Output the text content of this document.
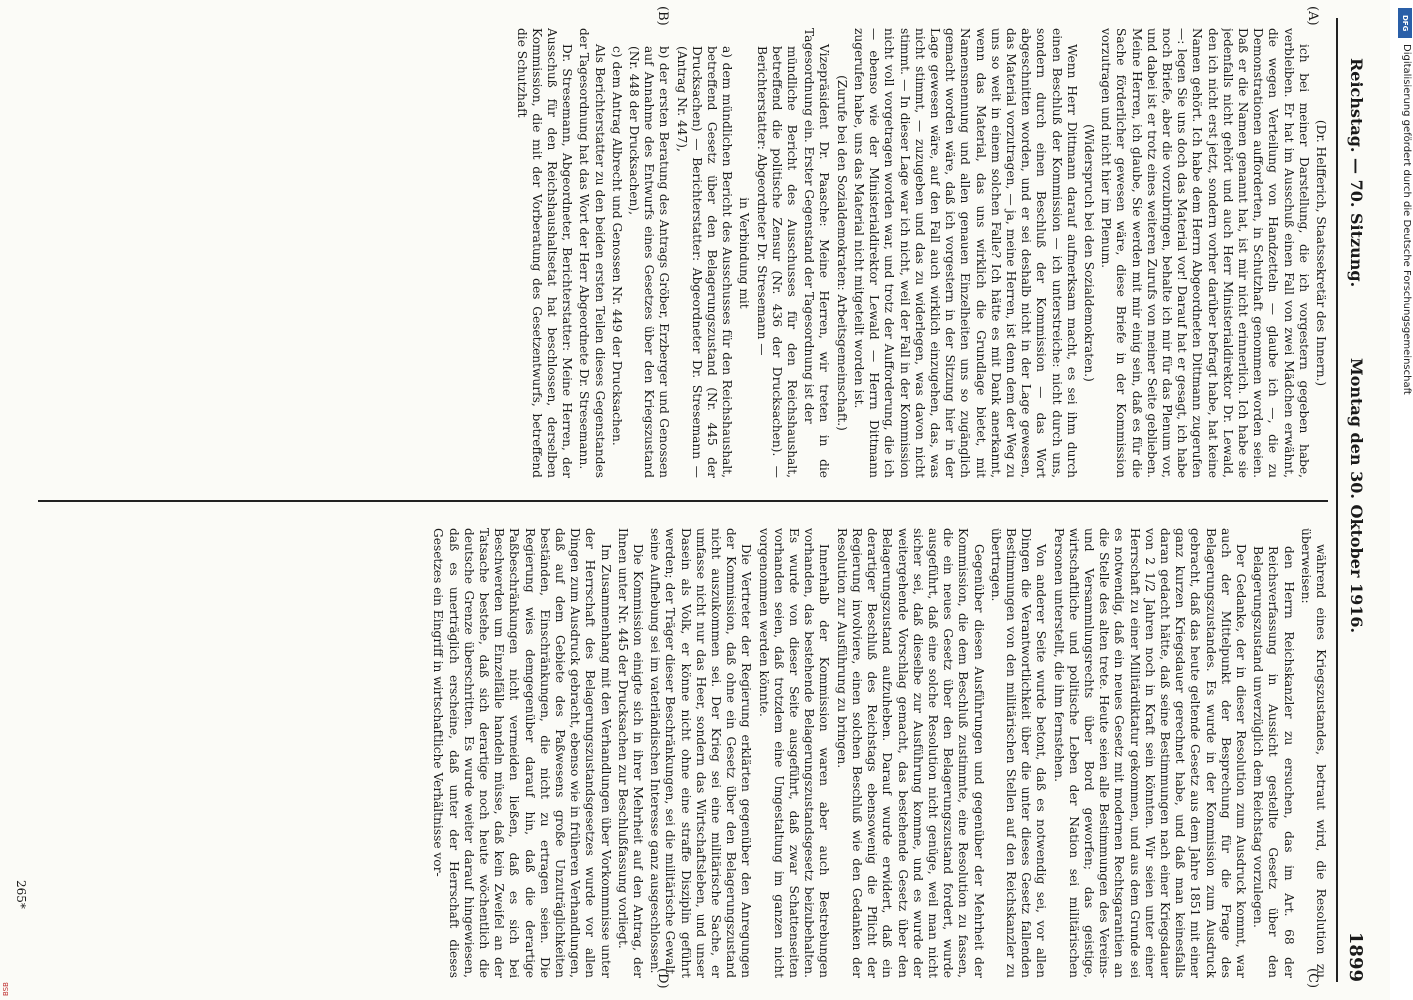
Reichstag. — 70. Sitzung.
Montag den 30. Oktober 1916.
1899
(A)
(B)
(C)
(D)

(Dr. Helfferich, Staatssekretär des Innern.)

ich bei meiner Darstellung, die ich vorgestern gegeben habe, verbleiben. Er hat im Ausschuß einen Fall von zwei Mädchen erwähnt, die wegen Verteilung von Handzetteln — glaube ich —, die zu Demonstrationen aufforderten, in Schutzhaft genommen worden seien. Daß er die Namen genannt hat, ist mir nicht erinnerlich. Ich habe sie jedenfalls nicht gehört und auch Herr Ministerialdirektor Dr. Lewald, den ich nicht erst jetzt, sondern vorher darüber befragt habe, hat keine Namen gehört. Ich habe dem Herrn Abgeordneten Dittmann zugerufen —: legen Sie uns doch das Material vor! Darauf hat er gesagt, ich habe noch Briefe, aber die vorzubringen, behalte ich mir für das Plenum vor, und dabei ist er trotz eines weiteren Zurufs von meiner Seite geblieben. Meine Herren, ich glaube, Sie werden mit mir einig sein, daß es für die Sache förderlicher gewesen wäre, diese Briefe in der Kommission vorzutragen und nicht hier im Plenum.

(Widerspruch bei den Sozialdemokraten.)

Wenn Herr Dittmann darauf aufmerksam macht, es sei ihm durch einen Beschluß der Kommission — ich unterstreiche: nicht durch uns, sondern durch einen Beschluß der Kommission — das Wort abgeschnitten worden, und er sei deshalb nicht in der Lage gewesen, das Material vorzutragen, — ja, meine Herren, ist denn dem der Weg zu uns so weit in einem solchen Falle? Ich hätte es mit Dank anerkannt, wenn das Material, das uns wirklich die Grundlage bietet, mit Namensnennung und allen genauen Einzelheiten uns so zugänglich gemacht worden wäre, daß ich vorgestern in der Sitzung hier in der Lage gewesen wäre, auf den Fall auch wirklich einzugehen, das, was nicht stimmt, — zuzugeben und das zu widerlegen, was davon nicht stimmt. — In dieser Lage war ich nicht, weil der Fall in der Kommission nicht voll vorgetragen worden war, und trotz der Aufforderung, die ich — ebenso wie der Ministerialdirektor Lewald — Herrn Dittmann zugerufen habe, uns das Material nicht mitgeteilt worden ist.

(Zurufe bei den Sozialdemokraten: Arbeitsgemeinschaft.)

Vizepräsident Dr. Paasche: Meine Herren, wir treten in die Tagesordnung ein. Erster Gegenstand der Tagesordnung ist der

mündliche Bericht des Ausschusses für den Reichshaushalt, betreffend die politische Zensur (Nr. 436 der Drucksachen). — Berichterstatter: Abgeordneter Dr. Stresemann —

in Verbindung mit

a) dem mündlichen Bericht des Ausschusses für den Reichshaushalt, betreffend Gesetz über den Belagerungszustand (Nr. 445 der Drucksachen) — Berichterstatter: Abgeordneter Dr. Stresemann — (Antrag Nr. 447),

b) der ersten Beratung des Antrags Gröber, Erzberger und Genossen auf Annahme des Entwurfs eines Gesetzes über den Kriegszustand (Nr. 448 der Drucksachen),

c) dem Antrag Albrecht und Genossen Nr. 449 der Drucksachen.

Als Berichterstatter zu den beiden ersten Teilen dieses Gegenstandes der Tagesordnung hat das Wort der Herr Abgeordnete Dr. Stresemann.

Dr. Stresemann, Abgeordneter, Berichterstatter: Meine Herren, der Ausschuß für den Reichshaushaltsetat hat beschlossen, derselben Kommission, die mit der Vorberatung des Gesetzentwurfs, betreffend die Schutzhaft

während eines Kriegszustandes, betraut wird, die Resolution zu überweisen:

den Herrn Reichskanzler zu ersuchen, das im Art. 68 der Reichsverfassung in Aussicht gestellte Gesetz über den Belagerungszustand unverzüglich dem Reichstag vorzulegen.

Der Gedanke, der in dieser Resolution zum Ausdruck kommt, war auch der Mittelpunkt der Besprechung für die Frage des Belagerungszustandes. Es wurde in der Kommission zum Ausdruck gebracht, daß das heute geltende Gesetz aus dem Jahre 1851 mit einer ganz kurzen Kriegsdauer gerechnet habe, und daß man keinesfalls daran gedacht hätte, daß seine Bestimmungen nach einer Kriegsdauer von 2 1/2 Jahren noch in Kraft sein könnten. Wir seien unter einer Herrschaft zu einer Militärdiktatur gekommen, und aus dem Grunde sei es notwendig, daß ein neues Gesetz mit modernen Rechtsgarantien an die Stelle des alten trete. Heute seien alle Bestimmungen des Vereins- und Versammlungsrechts über Bord geworfen; das geistige, wirtschaftliche und politische Leben der Nation sei militärischen Personen unterstellt, die ihm fernstehen.

Von anderer Seite wurde betont, daß es notwendig sei, vor allen Dingen die Verantwortlichkeit über die unter dieses Gesetz fallenden Bestimmungen von den militärischen Stellen auf den Reichskanzler zu übertragen.

Gegenüber diesen Ausführungen und gegenüber der Mehrheit der Kommission, die dem Beschluß zustimmte, eine Resolution zu fassen, die ein neues Gesetz über den Belagerungszustand fordert, wurde ausgeführt, daß eine solche Resolution nicht genüge, weil man nicht sicher sei, daß dieselbe zur Ausführung komme, und es wurde der weitergehende Vorschlag gemacht, das bestehende Gesetz über den Belagerungszustand aufzuheben. Darauf wurde erwidert, daß ein derartiger Beschluß des Reichstags ebensowenig die Pflicht der Regierung involviere, einen solchen Beschluß wie den Gedanken der Resolution zur Ausführung zu bringen.

Innerhalb der Kommission waren aber auch Bestrebungen vorhanden, das bestehende Belagerungszustandsgesetz beizubehalten. Es wurde von dieser Seite ausgeführt, daß zwar Schattenseiten vorhanden seien, daß trotzdem eine Umgestaltung im ganzen nicht vorgenommen werden könnte.

Die Vertreter der Regierung erklärten gegenüber den Anregungen der Kommission, daß ohne ein Gesetz über den Belagerungszustand nicht auszukommen sei. Der Krieg sei eine militärische Sache, er umfasse nicht nur das Heer, sondern das Wirtschaftsleben, und unser Dasein als Volk, er könne nicht ohne eine straffe Disziplin geführt werden; der Träger dieser Beschränkungen, sei die militärische Gewalt, seine Aufhebung sei im vaterländischen Interesse ganz ausgeschlossen.

Die Kommission einigte sich in ihrer Mehrheit auf den Antrag, der Ihnen unter Nr. 445 der Drucksachen zur Beschlußfassung vorliegt.

Im Zusammenhang mit den Verhandlungen über Vorkommnisse unter der Herrschaft des Belagerungszustandsgesetzes wurde vor allen Dingen zum Ausdruck gebracht, ebenso wie in früheren Verhandlungen, daß auf dem Gebiete des Paßwesens große Unzuträglichkeiten beständen, Einschränkungen, die nicht zu ertragen seien. Die Regierung wies demgegenüber darauf hin, daß die derartige Paßbeschränkungen nicht vermeiden ließen, daß es sich bei Beschwerden um Einzelfälle handeln müsse, daß kein Zweifel an der Tatsache bestehe, daß sich derartige noch heute wöchentlich die deutsche Grenze überschritten. Es wurde weiter darauf hingewiesen, daß es unerträglich erscheine, daß unter der Herrschaft dieses Gesetzes ein Eingriff in wirtschaftliche Verhältnisse vor-

265*
DFG
Digitalisierung gefördert durch die Deutsche Forschungsgemeinschaft
BSB
